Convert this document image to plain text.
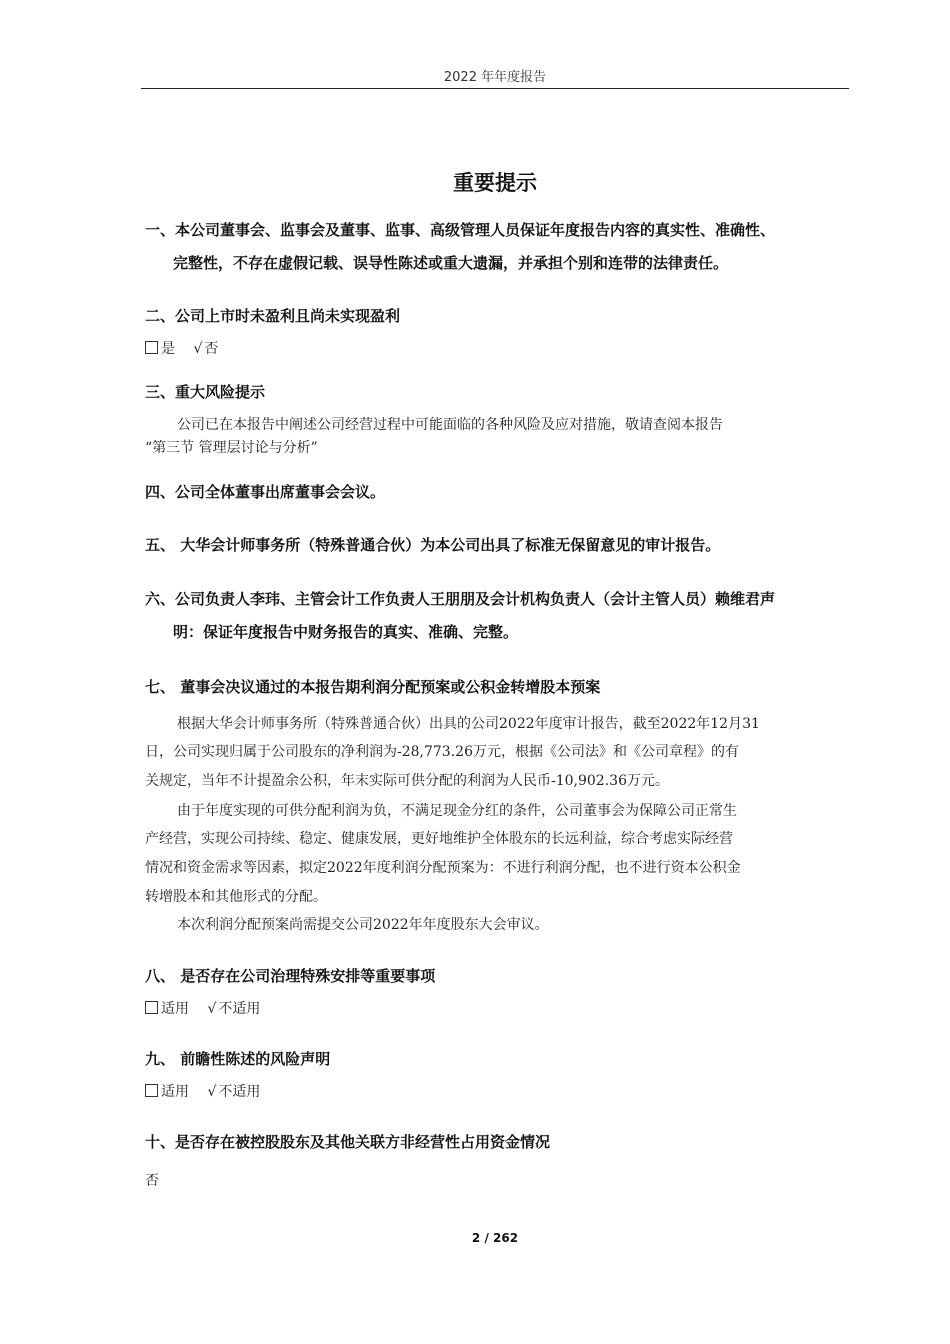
2022 年年度报告
重要提示
一、本公司董事会、监事会及董事、监事、高级管理人员保证年度报告内容的真实性、准确性、
完整性，不存在虚假记载、误导性陈述或重大遗漏，并承担个别和连带的法律责任。
二、公司上市时未盈利且尚未实现盈利
是 √ 否
三、重大风险提示
公司已在本报告中阐述公司经营过程中可能面临的各种风险及应对措施，敬请查阅本报告
“第三节 管理层讨论与分析”
四、公司全体董事出席董事会会议。
五、 大华会计师事务所（特殊普通合伙）为本公司出具了标准无保留意见的审计报告。
六、公司负责人李玮、主管会计工作负责人王朋朋及会计机构负责人（会计主管人员）赖维君声
明：保证年度报告中财务报告的真实、准确、完整。
七、 董事会决议通过的本报告期利润分配预案或公积金转增股本预案
根据大华会计师事务所（特殊普通合伙）出具的公司2022年度审计报告，截至2022年12月31
日，公司实现归属于公司股东的净利润为-28,773.26万元，根据《公司法》和《公司章程》的有
关规定，当年不计提盈余公积，年末实际可供分配的利润为人民币-10,902.36万元。
由于年度实现的可供分配利润为负，不满足现金分红的条件，公司董事会为保障公司正常生
产经营，实现公司持续、稳定、健康发展，更好地维护全体股东的长远利益，综合考虑实际经营
情况和资金需求等因素，拟定2022年度利润分配预案为：不进行利润分配，也不进行资本公积金
转增股本和其他形式的分配。
本次利润分配预案尚需提交公司2022年年度股东大会审议。
八、 是否存在公司治理特殊安排等重要事项
适用 √ 不适用
九、 前瞻性陈述的风险声明
适用 √ 不适用
十、是否存在被控股股东及其他关联方非经营性占用资金情况
否
2 / 262
